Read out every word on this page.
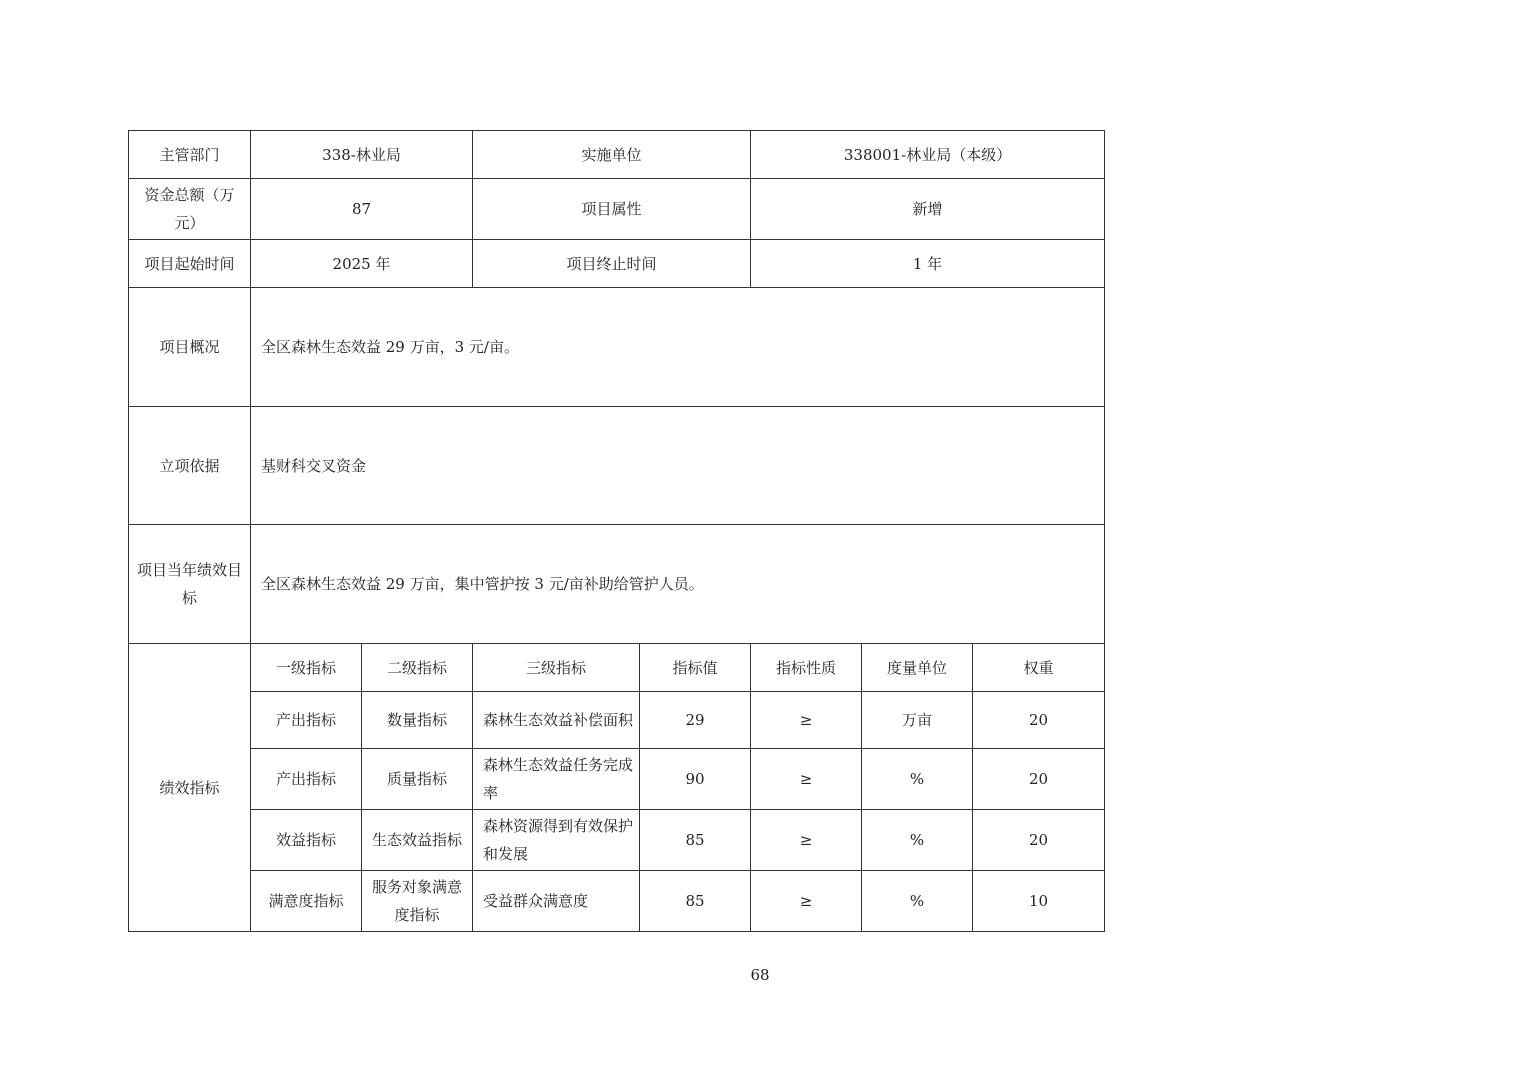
主管部门	338-林业局		实施单位		338001-林业局（本级）		
资金总额（万元）	87		项目属性		新增		
项目起始时间	2025 年		项目终止时间		1 年		
项目概况	全区森林生态效益 29 万亩，3 元/亩。						
立项依据	基财科交叉资金						
项目当年绩效目标	全区森林生态效益 29 万亩，集中管护按 3 元/亩补助给管护人员。						
绩效指标	一级指标	二级指标	三级指标	指标值	指标性质	度量单位	权重
	产出指标	数量指标	森林生态效益补偿面积	29	≥	万亩	20
	产出指标	质量指标	森林生态效益任务完成率	90	≥	%	20
	效益指标	生态效益指标	森林资源得到有效保护和发展	85	≥	%	20
	满意度指标	服务对象满意度指标	受益群众满意度	85	≥	%	10
68
